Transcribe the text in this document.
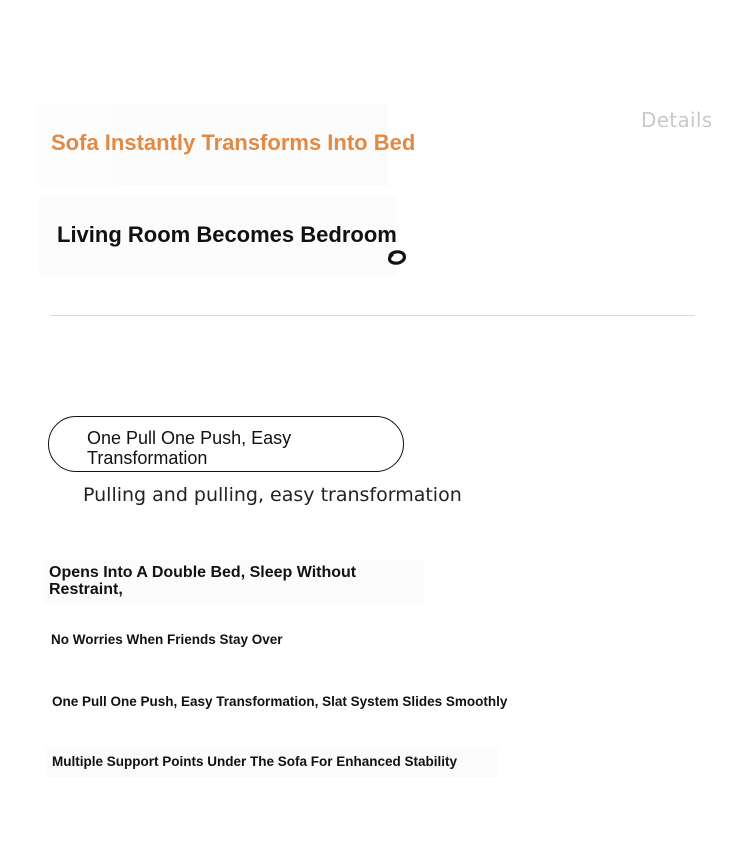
Details
Sofa Instantly Transforms Into Bed
Living Room Becomes Bedroom
One Pull One Push, Easy Transformation
Pulling and pulling, easy transformation
Opens Into A Double Bed, Sleep Without Restraint,
No Worries When Friends Stay Over
One Pull One Push, Easy Transformation, Slat System Slides Smoothly
Multiple Support Points Under The Sofa For Enhanced Stability
